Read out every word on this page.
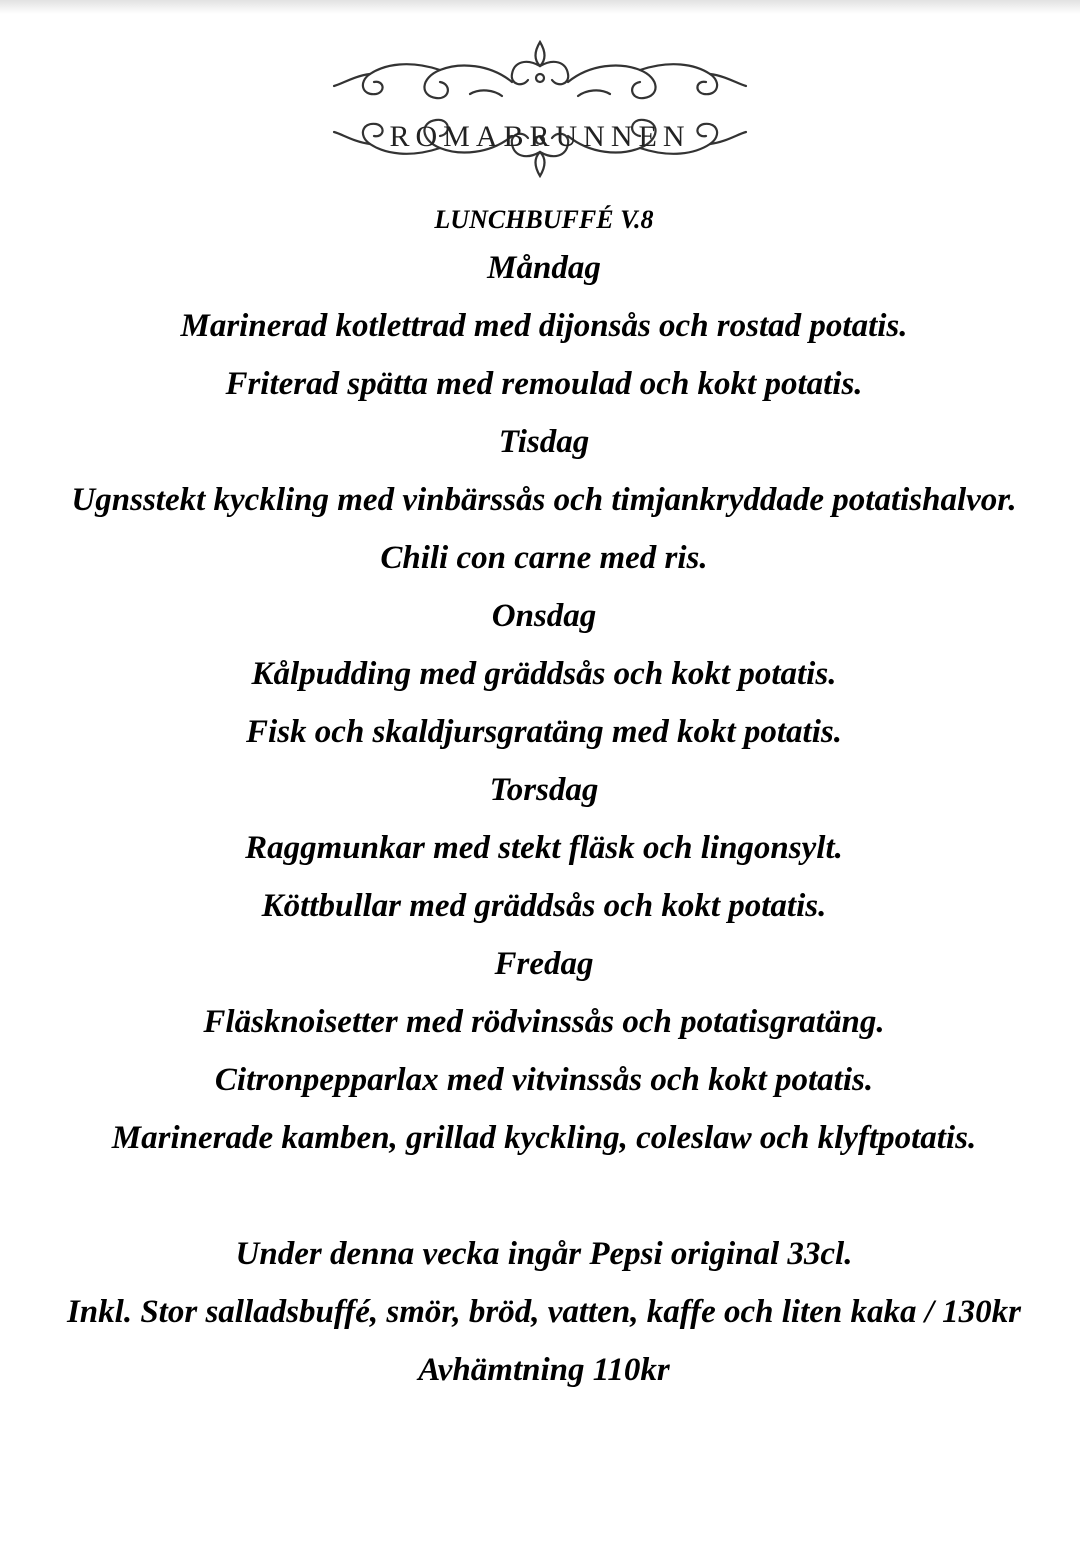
ROMABRUNNEN
LUNCHBUFFÉ V.8
Måndag
Marinerad kotlettrad med dijonsås och rostad potatis.
Friterad spätta med remoulad och kokt potatis.
Tisdag
Ugnsstekt kyckling med vinbärssås och timjankryddade potatishalvor.
Chili con carne med ris.
Onsdag
Kålpudding med gräddsås och kokt potatis.
Fisk och skaldjursgratäng med kokt potatis.
Torsdag
Raggmunkar med stekt fläsk och lingonsylt.
Köttbullar med gräddsås och kokt potatis.
Fredag
Fläsknoisetter med rödvinssås och potatisgratäng.
Citronpepparlax med vitvinssås och kokt potatis.
Marinerade kamben, grillad kyckling, coleslaw och klyftpotatis.
Under denna vecka ingår Pepsi original 33cl.
Inkl. Stor salladsbuffé, smör, bröd, vatten, kaffe och liten kaka / 130kr
Avhämtning 110kr
